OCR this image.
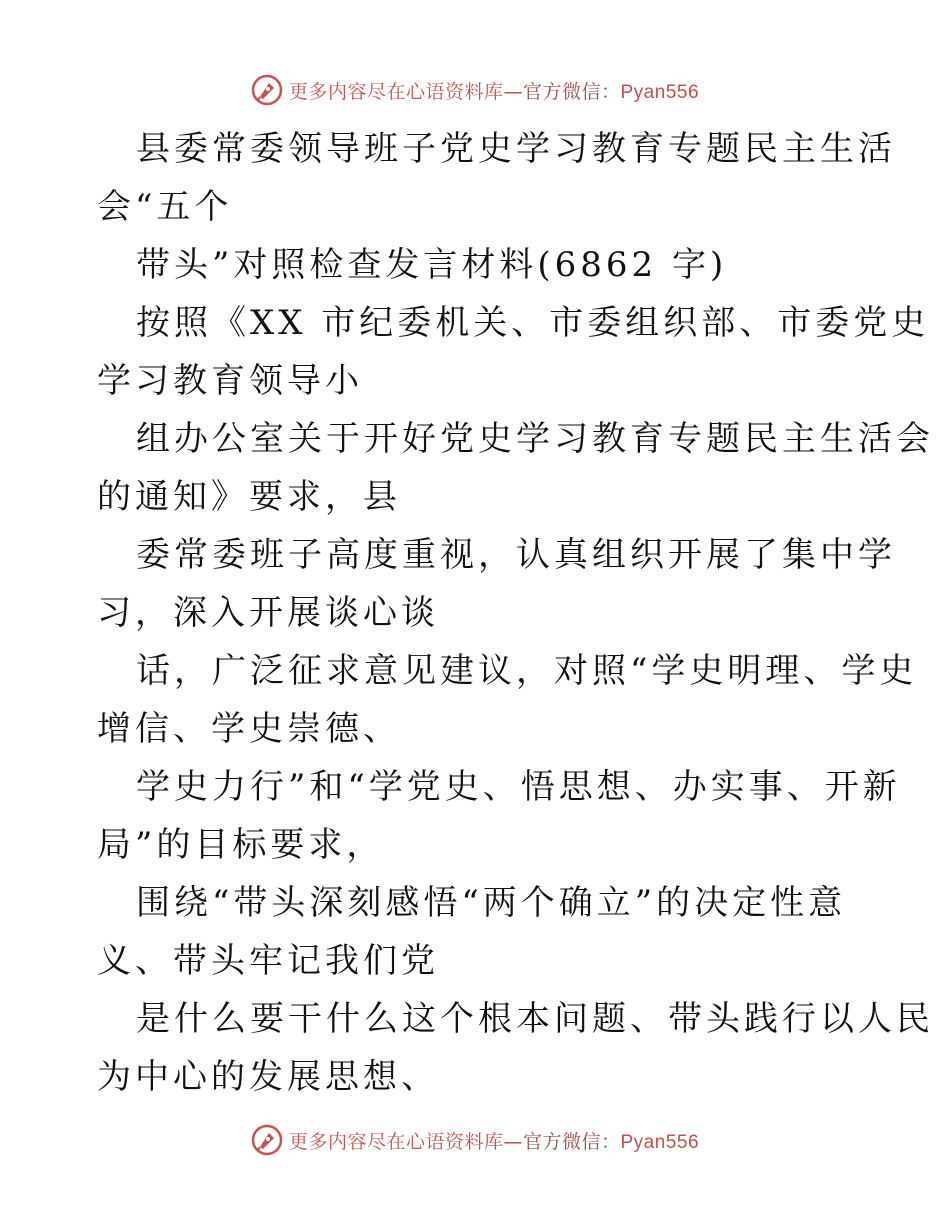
更多内容尽在心语资料库—官方微信：Pyan556
县委常委领导班子党史学习教育专题民主生活
会“五个
带头”对照检查发言材料(6862 字)
按照《XX 市纪委机关、市委组织部、市委党史
学习教育领导小
组办公室关于开好党史学习教育专题民主生活会
的通知》要求，县
委常委班子高度重视，认真组织开展了集中学
习，深入开展谈心谈
话，广泛征求意见建议，对照“学史明理、学史
增信、学史崇德、
学史力行”和“学党史、悟思想、办实事、开新
局”的目标要求，
围绕“带头深刻感悟“两个确立”的决定性意
义、带头牢记我们党
是什么要干什么这个根本问题、带头践行以人民
为中心的发展思想、
更多内容尽在心语资料库—官方微信：Pyan556
